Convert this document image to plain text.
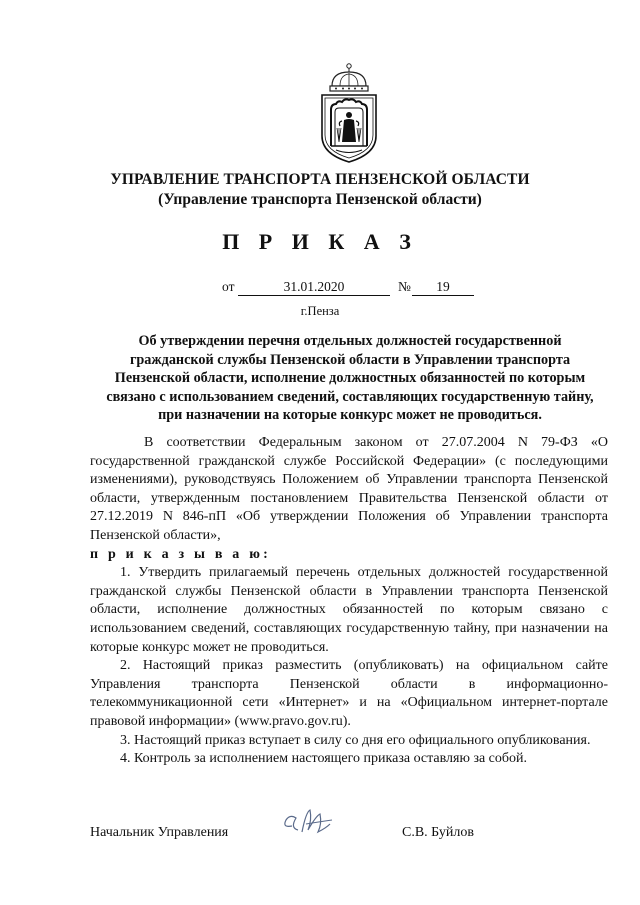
УПРАВЛЕНИЕ ТРАНСПОРТА ПЕНЗЕНСКОЙ ОБЛАСТИ
(Управление транспорта Пензенской области)
П Р И К А З
от	31.01.2020	№	19
г.Пенза

Об утверждении перечня отдельных должностей государственной гражданской службы Пензенской области в Управлении транспорта Пензенской области, исполнение должностных обязанностей по которым связано с использованием сведений, составляющих государственную тайну, при назначении на которые конкурс может не проводиться.

В соответствии Федеральным законом от 27.07.2004 N 79-ФЗ «О государственной гражданской службе Российской Федерации» (с последующими изменениями), руководствуясь Положением об Управлении транспорта Пензенской области, утвержденным постановлением Правительства Пензенской области от 27.12.2019 N 846-пП «Об утверждении Положения об Управлении транспорта Пензенской области»,

п р и к а з ы в а ю:

1. Утвердить прилагаемый перечень отдельных должностей государственной гражданской службы Пензенской области в Управлении транспорта Пензенской области, исполнение должностных обязанностей по которым связано с использованием сведений, составляющих государственную тайну, при назначении на которые конкурс может не проводиться.

2. Настоящий приказ разместить (опубликовать) на официальном сайте Управления транспорта Пензенской области в информационно-телекоммуникационной сети «Интернет» и на «Официальном интернет-портале правовой информации» (www.pravo.gov.ru).

3. Настоящий приказ вступает в силу со дня его официального опубликования.

4. Контроль за исполнением настоящего приказа оставляю за собой.

Начальник Управления	С.В. Буйлов
